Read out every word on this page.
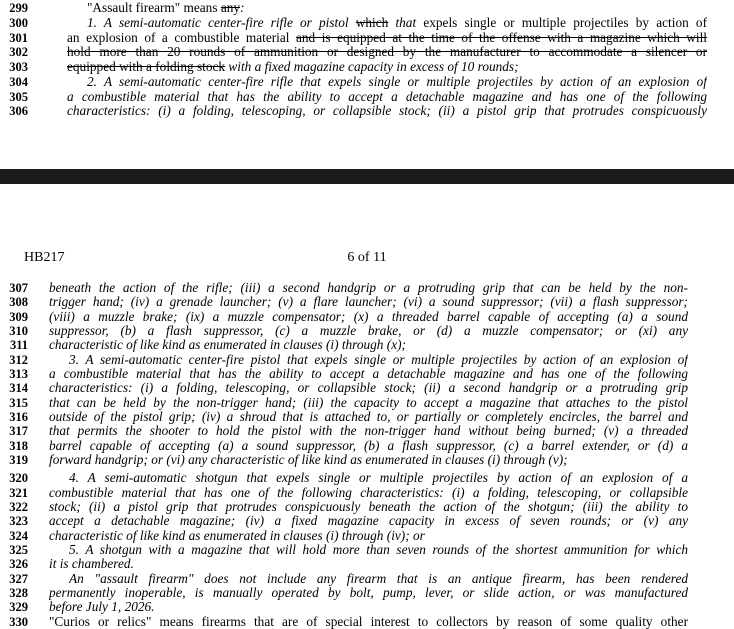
299	"Assault firearm" means any:
300	1. A semi-automatic center-fire rifle or pistol which that expels single or multiple projectiles by action of
301	an explosion of a combustible material and is equipped at the time of the offense with a magazine which will
302	hold more than 20 rounds of ammunition or designed by the manufacturer to accommodate a silencer or
303	equipped with a folding stock with a fixed magazine capacity in excess of 10 rounds;
304	2. A semi-automatic center-fire rifle that expels single or multiple projectiles by action of an explosion of
305	a combustible material that has the ability to accept a detachable magazine and has one of the following
306	characteristics: (i) a folding, telescoping, or collapsible stock; (ii) a pistol grip that protrudes conspicuously
HB217	6 of 11
307 beneath the action of the rifle; (iii) a second handgrip or a protruding grip that can be held by the non-
308 trigger hand; (iv) a grenade launcher; (v) a flare launcher; (vi) a sound suppressor; (vii) a flash suppressor;
309 (viii) a muzzle brake; (ix) a muzzle compensator; (x) a threaded barrel capable of accepting (a) a sound
310 suppressor, (b) a flash suppressor, (c) a muzzle brake, or (d) a muzzle compensator; or (xi) any
311 characteristic of like kind as enumerated in clauses (i) through (x);
312	3. A semi-automatic center-fire pistol that expels single or multiple projectiles by action of an explosion of
313 a combustible material that has the ability to accept a detachable magazine and has one of the following
314 characteristics: (i) a folding, telescoping, or collapsible stock; (ii) a second handgrip or a protruding grip
315 that can be held by the non-trigger hand; (iii) the capacity to accept a magazine that attaches to the pistol
316 outside of the pistol grip; (iv) a shroud that is attached to, or partially or completely encircles, the barrel and
317 that permits the shooter to hold the pistol with the non-trigger hand without being burned; (v) a threaded
318 barrel capable of accepting (a) a sound suppressor, (b) a flash suppressor, (c) a barrel extender, or (d) a
319 forward handgrip; or (vi) any characteristic of like kind as enumerated in clauses (i) through (v);
320	4. A semi-automatic shotgun that expels single or multiple projectiles by action of an explosion of a
321 combustible material that has one of the following characteristics: (i) a folding, telescoping, or collapsible
322 stock; (ii) a pistol grip that protrudes conspicuously beneath the action of the shotgun; (iii) the ability to
323 accept a detachable magazine; (iv) a fixed magazine capacity in excess of seven rounds; or (v) any
324 characteristic of like kind as enumerated in clauses (i) through (iv); or
325	5. A shotgun with a magazine that will hold more than seven rounds of the shortest ammunition for which
326 it is chambered.
327	An "assault firearm" does not include any firearm that is an antique firearm, has been rendered
328 permanently inoperable, is manually operated by bolt, pump, lever, or slide action, or was manufactured
329 before July 1, 2026.
330 "Curios or relics" means firearms that are of special interest to collectors by reason of some quality other
